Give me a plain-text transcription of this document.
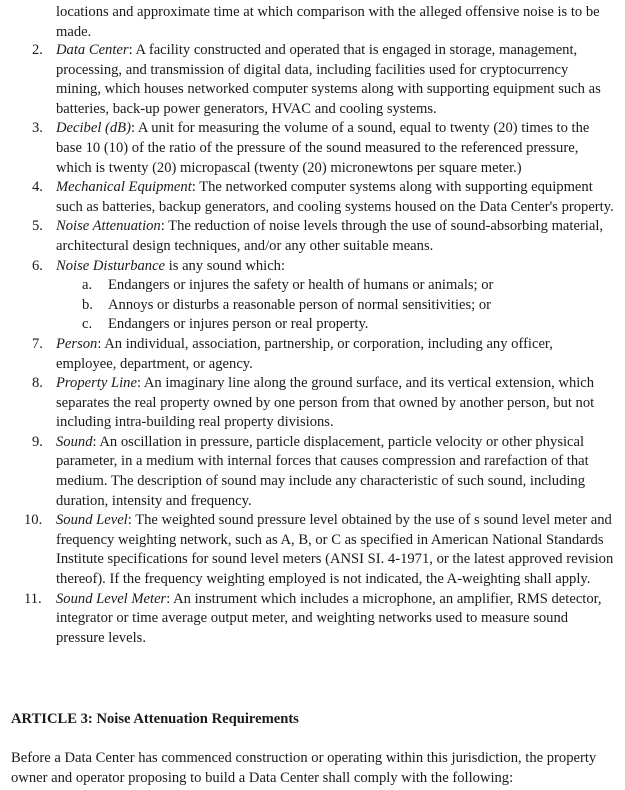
locations and approximate time at which comparison with the alleged offensive noise is to be made.
2. Data Center: A facility constructed and operated that is engaged in storage, management, processing, and transmission of digital data, including facilities used for cryptocurrency mining, which houses networked computer systems along with supporting equipment such as batteries, back-up power generators, HVAC and cooling systems.
3. Decibel (dB): A unit for measuring the volume of a sound, equal to twenty (20) times to the base 10 (10) of the ratio of the pressure of the sound measured to the referenced pressure, which is twenty (20) micropascal (twenty (20) micronewtons per square meter.)
4. Mechanical Equipment: The networked computer systems along with supporting equipment such as batteries, backup generators, and cooling systems housed on the Data Center's property.
5. Noise Attenuation: The reduction of noise levels through the use of sound-absorbing material, architectural design techniques, and/or any other suitable means.
6. Noise Disturbance is any sound which:
a.	Endangers or injures the safety or health of humans or animals; or
b.	Annoys or disturbs a reasonable person of normal sensitivities; or
c.	Endangers or injures person or real property.
7. Person: An individual, association, partnership, or corporation, including any officer, employee, department, or agency.
8. Property Line: An imaginary line along the ground surface, and its vertical extension, which separates the real property owned by one person from that owned by another person, but not including intra-building real property divisions.
9. Sound: An oscillation in pressure, particle displacement, particle velocity or other physical parameter, in a medium with internal forces that causes compression and rarefaction of that medium. The description of sound may include any characteristic of such sound, including duration, intensity and frequency.
10. Sound Level: The weighted sound pressure level obtained by the use of s sound level meter and frequency weighting network, such as A, B, or C as specified in American National Standards Institute specifications for sound level meters (ANSI SI. 4-1971, or the latest approved revision thereof). If the frequency weighting employed is not indicated, the A-weighting shall apply.
11. Sound Level Meter: An instrument which includes a microphone, an amplifier, RMS detector, integrator or time average output meter, and weighting networks used to measure sound pressure levels.
ARTICLE 3: Noise Attenuation Requirements
Before a Data Center has commenced construction or operating within this jurisdiction, the property owner and operator proposing to build a Data Center shall comply with the following:
